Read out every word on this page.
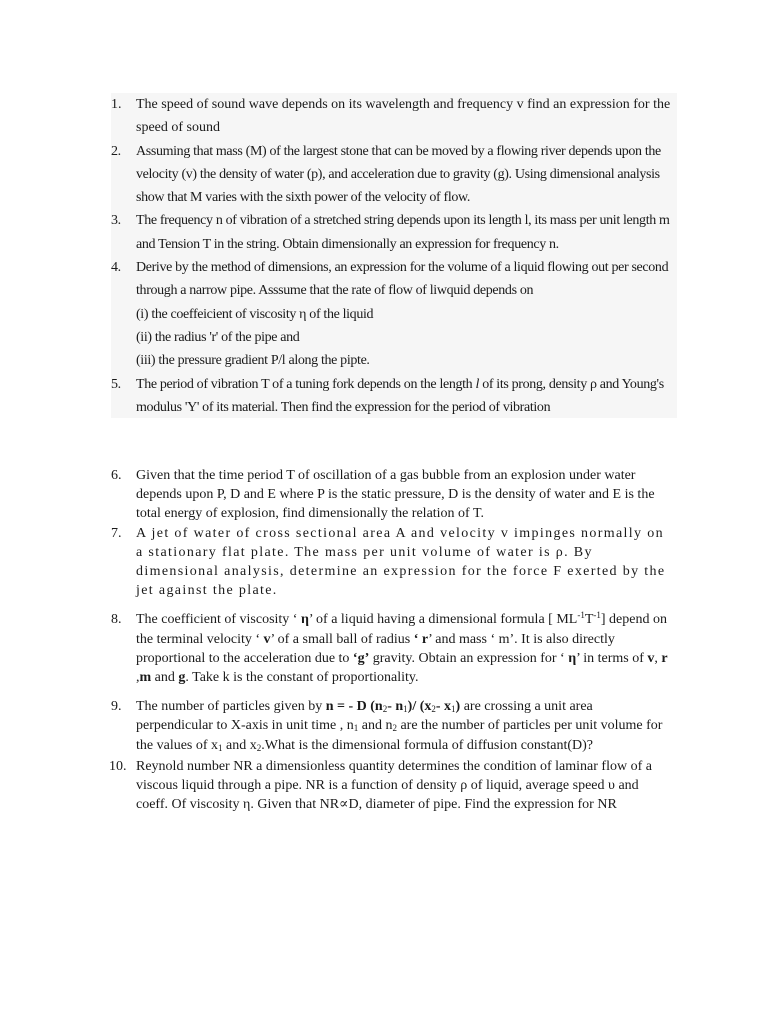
1.	The speed of sound wave depends on its wavelength and frequency v find an expression for the speed of sound
2.	Assuming that mass (M) of the largest stone that can be moved by a flowing river depends upon the velocity (v) the density of water (p), and acceleration due to gravity (g). Using dimensional analysis show that M varies with the sixth power of the velocity of flow.
3.	The frequency n of vibration of a stretched string depends upon its length l, its mass per unit length m and Tension T in the string. Obtain dimensionally an expression for frequency n.
4.	Derive by the method of dimensions, an expression for the volume of a liquid flowing out per second through a narrow pipe. Asssume that the rate of flow of liwquid depends on
(i) the coeffeicient of viscosity η of the liquid
(ii) the radius 'r' of the pipe and
(iii) the pressure gradient P/l along the pipte.
5.	The period of vibration T of a tuning fork depends on the length l of its prong, density ρ and Young's modulus 'Y' of its material. Then find the expression for the period of vibration
6.	Given that the time period T of oscillation of a gas bubble from an explosion under water depends upon P, D and E where P is the static pressure, D is the density of water and E is the total energy of explosion, find dimensionally the relation of T.
7.	A jet of water of cross sectional area A and velocity v impinges normally on a stationary flat plate. The mass per unit volume of water is ρ. By dimensional analysis, determine an expression for the force F exerted by the jet against the plate.
8.	The coefficient of viscosity ‘ η’ of a liquid having a dimensional formula [ $ML^{-1}T^{-1}$] depend on the terminal velocity ‘ v’ of a small ball of radius ‘ r’ and mass ‘ m’. It is also directly proportional to the acceleration due to ‘g’ gravity. Obtain an expression for ‘ η’ in terms of v, r ,m and g. Take k is the constant of proportionality.
9.	The number of particles given by n = - D ($n_2-$ $n_1)/$ ($x_2-$ $x_1$) are crossing a unit area perpendicular to X-axis in unit time , $n_1$ and $n_2$ are the number of particles per unit volume for the values of $x_1$ and $x_2.What$ is the dimensional formula of diffusion constant(D)?
10. Reynold number NR a dimensionless quantity determines the condition of laminar flow of a viscous liquid through a pipe. NR is a function of density ρ of liquid, average speed υ and coeff. Of viscosity η. Given that NR∝D, diameter of pipe. Find the expression for NR
